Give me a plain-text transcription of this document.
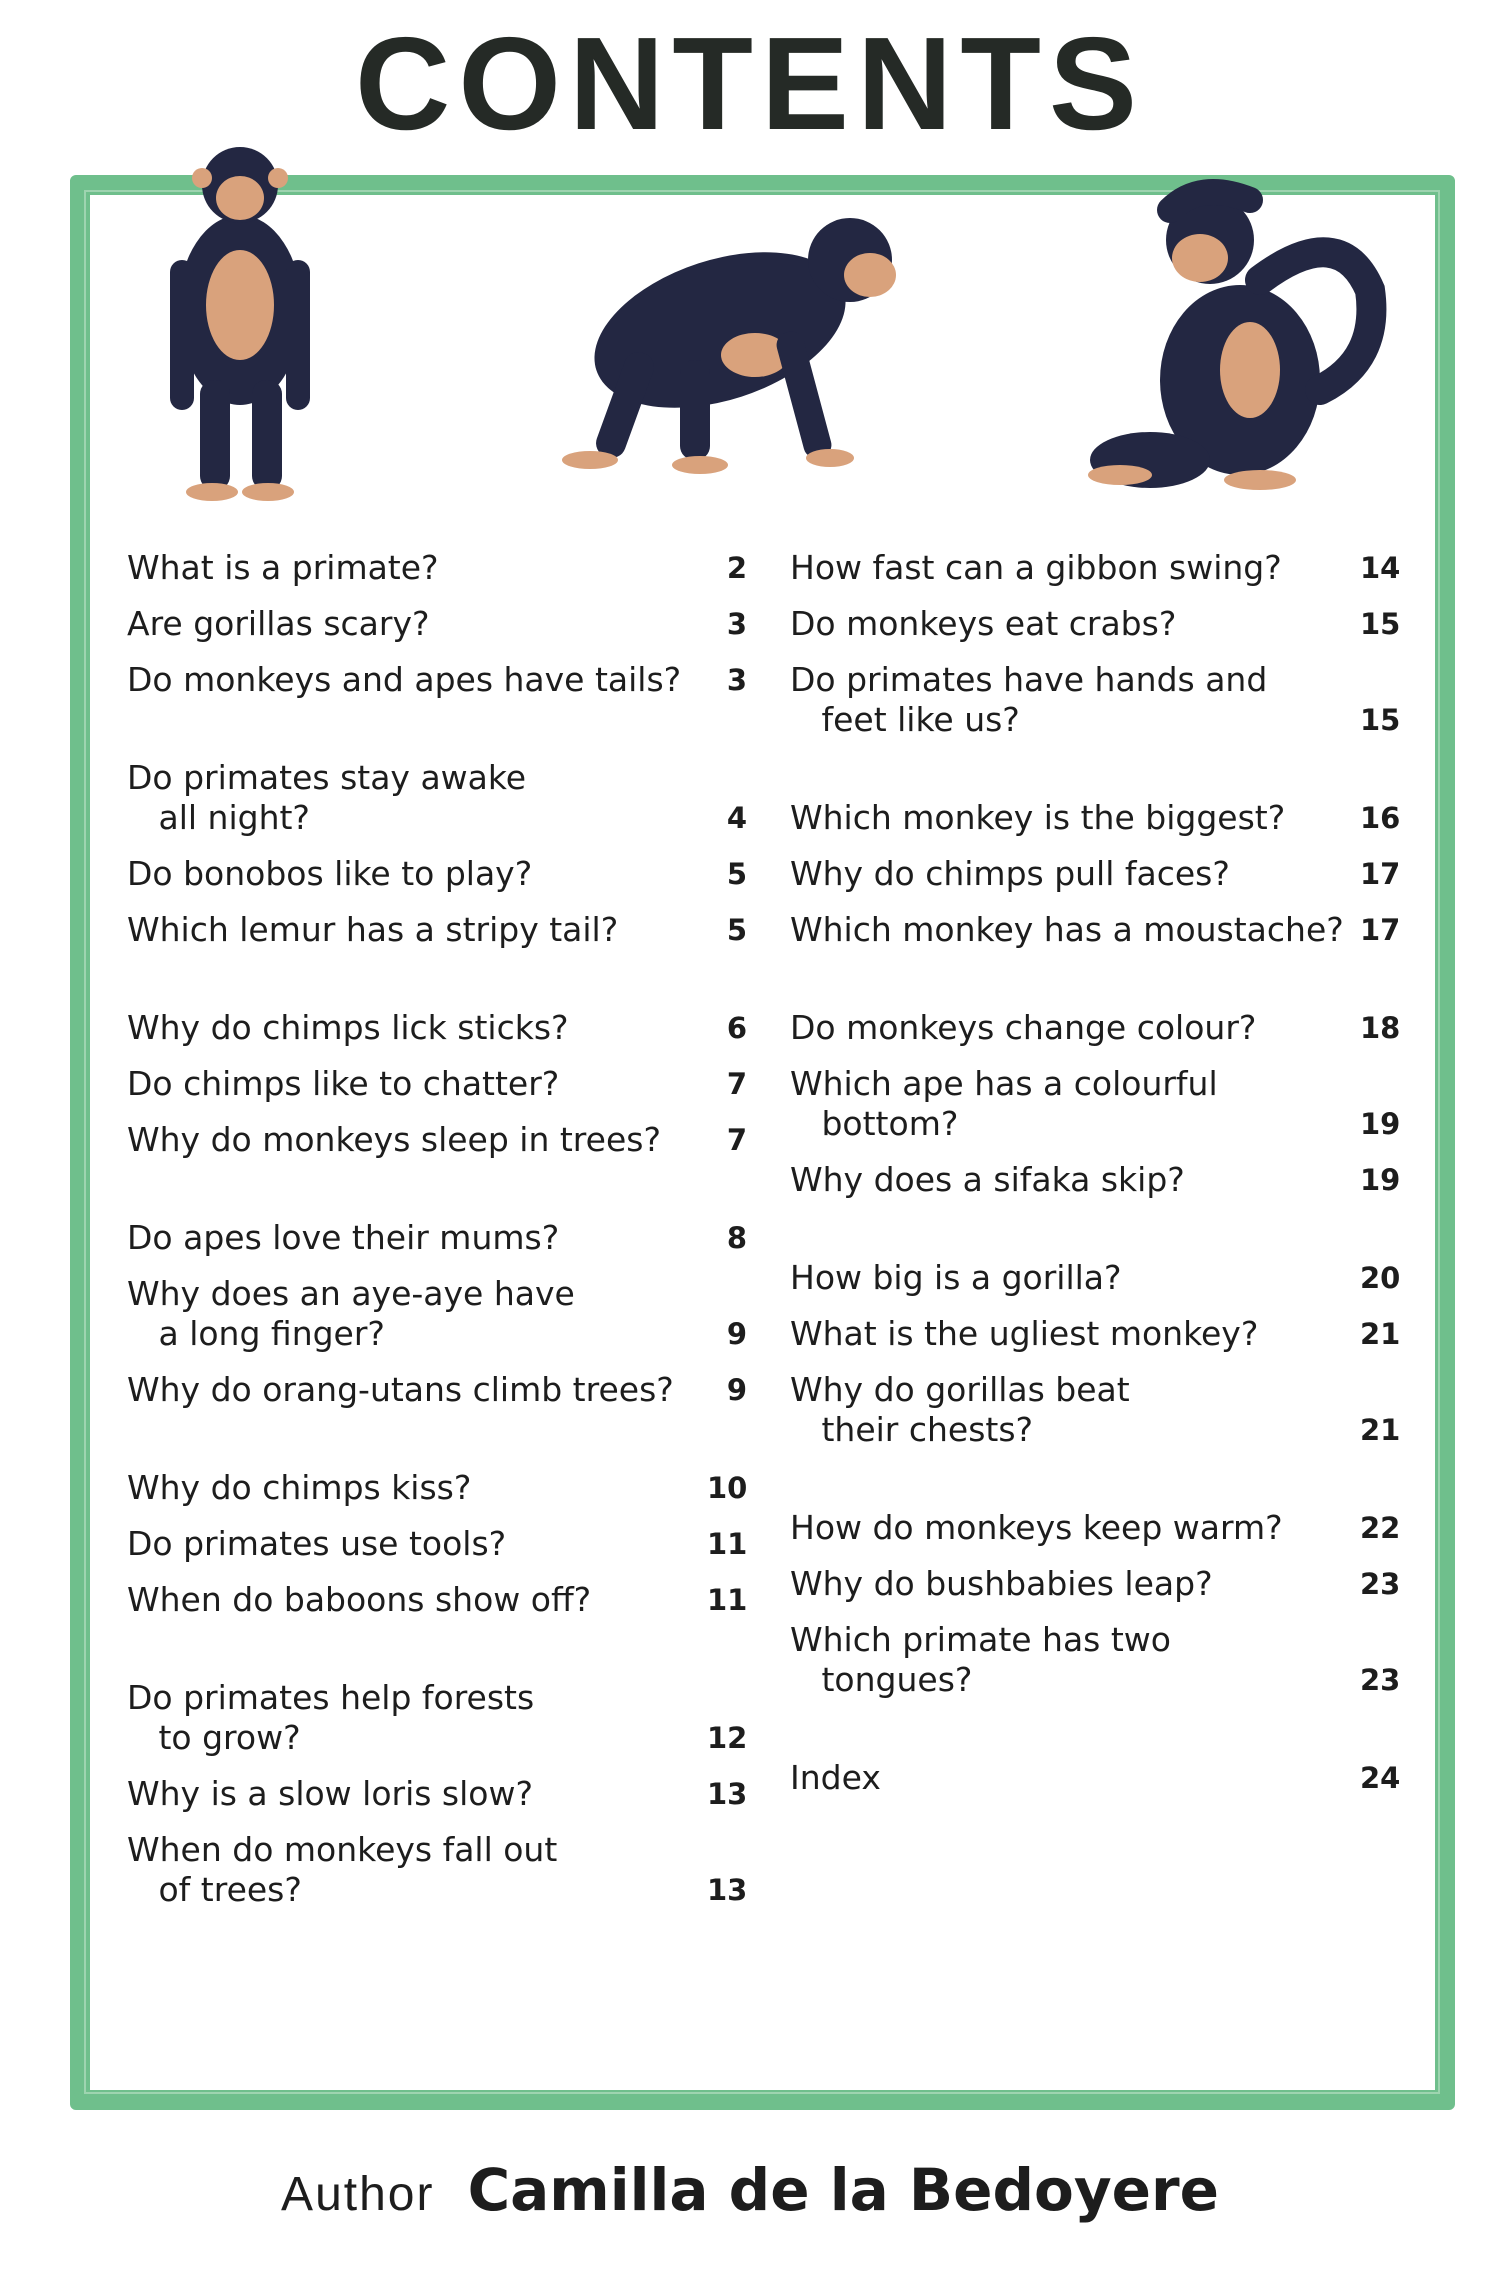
CONTENTS
What is a primate?	2
Are gorillas scary?	3
Do monkeys and apes have tails?	3
Do primates stay awake
all night?	4
Do bonobos like to play?	5
Which lemur has a stripy tail?	5
Why do chimps lick sticks?	6
Do chimps like to chatter?	7
Why do monkeys sleep in trees?	7
Do apes love their mums?	8
Why does an aye-aye have
a long finger?	9
Why do orang-utans climb trees?	9
Why do chimps kiss?	10
Do primates use tools?	11
When do baboons show off?	11
Do primates help forests
to grow?	12
Why is a slow loris slow?	13
When do monkeys fall out
of trees?	13
How fast can a gibbon swing?	14
Do monkeys eat crabs?	15
Do primates have hands and
feet like us?	15
Which monkey is the biggest?	16
Why do chimps pull faces?	17
Which monkey has a moustache? 17
Do monkeys change colour?	18
Which ape has a colourful
bottom?	19
Why does a sifaka skip?	19
How big is a gorilla?	20
What is the ugliest monkey?	21
Why do gorillas beat
their chests?	21
How do monkeys keep warm?	22
Why do bushbabies leap?	23
Which primate has two
tongues?	23
Index	24
Author Camilla de la Bedoyere
